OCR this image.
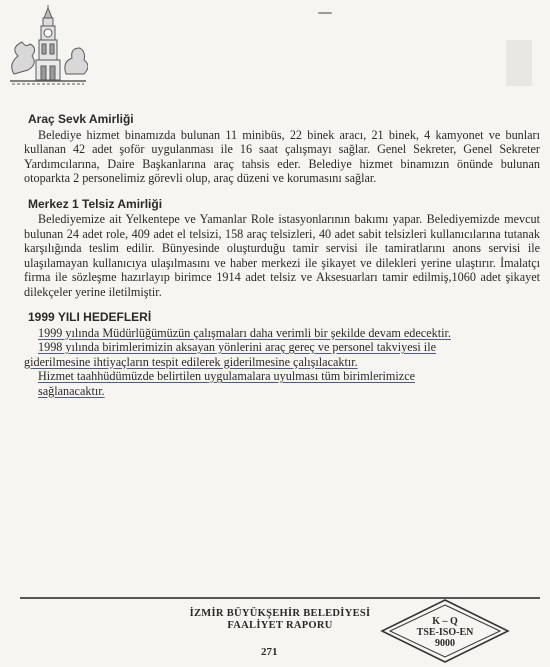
Araç Sevk Amirliği

Belediye hizmet binamızda bulunan 11 minibüs, 22 binek aracı, 21 binek, 4 kamyonet ve bunları kullanan 42 adet şoför uygulanması ile 16 saat çalışmayı sağlar. Genel Sekreter, Genel Sekreter Yardımcılarına, Daire Başkanlarına araç tahsis eder. Belediye hizmet binamızın önünde bulunan otoparkta 2 personelimiz görevli olup, araç düzeni ve korumasını sağlar.

Merkez 1 Telsiz Amirliği

Belediyemize ait Yelkentepe ve Yamanlar Role istasyonlarının bakımı yapar. Belediyemizde mevcut bulunan 24 adet role, 409 adet el telsizi, 158 araç telsizleri, 40 adet sabit telsizleri kullanıcılarına tutanak karşılığında teslim edilir. Bünyesinde oluşturduğu tamir servisi ile tamiratlarını anons servisi ile ulaşılamayan kullanıcıya ulaşılmasını ve haber merkezi ile şikayet ve dilekleri yerine ulaştırır. İmalatçı firma ile sözleşme hazırlayıp birimce 1914 adet telsiz ve Aksesuarları tamir edilmiş,1060 adet şikayet dilekçeler yerine iletilmiştir.

1999 YILI HEDEFLERİ

1999 yılında Müdürlüğümüzün çalışmaları daha verimli bir şekilde devam edecektir.

1998 yılında birimlerimizin aksayan yönlerini araç gereç ve personel takviyesi ile
giderilmesine ihtiyaçların tespit edilerek giderilmesine çalışılacaktır.

Hizmet taahhüdümüzde belirtilen uygulamalara uyulması tüm birimlerimizce

sağlanacaktır.

İZMİR BÜYÜKŞEHİR BELEDİYESİ
FAALİYET RAPORU
271
K – Q
TSE-ISO-EN
9000
